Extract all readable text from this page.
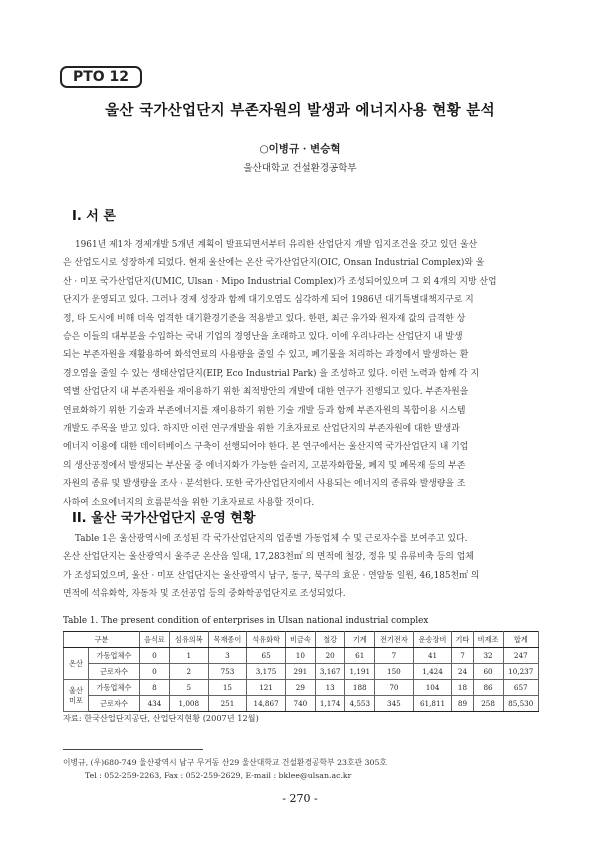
PTO 12
울산 국가산업단지 부존자원의 발생과 에너지사용 현황 분석
○이병규 · 변승혁
울산대학교 건설환경공학부
I. 서 론
1961년 제1차 경제개발 5개년 계획이 발표되면서부터 유리한 산업단지 개발 입지조건을 갖고 있던 울산
은 산업도시로 성장하게 되었다. 현재 울산에는 온산 국가산업단지(OIC, Onsan Industrial Complex)와 울
산 · 미포 국가산업단지(UMIC, Ulsan · Mipo Industrial Complex)가 조성되어있으며 그 외 4개의 지방 산업
단지가 운영되고 있다. 그러나 경제 성장과 함께 대기오염도 심각하게 되어 1986년 대기특별대책지구로 지
정, 타 도시에 비해 더욱 엄격한 대기환경기준을 적용받고 있다. 한편, 최근 유가와 원자재 값의 급격한 상
승은 이들의 대부분을 수입하는 국내 기업의 경영난을 초래하고 있다. 이에 우리나라는 산업단지 내 발생
되는 부존자원을 재활용하여 화석연료의 사용량을 줄일 수 있고, 폐기물을 처리하는 과정에서 발생하는 환
경오염을 줄일 수 있는 생태산업단지(EIP, Eco Industrial Park) 을 조성하고 있다. 이런 노력과 함께 각 지
역별 산업단지 내 부존자원을 재이용하기 위한 최적방안의 개발에 대한 연구가 진행되고 있다. 부존자원을
연료화하기 위한 기술과 부존에너지를 재이용하기 위한 기술 개발 등과 함께 부존자원의 복합이용 시스템
개발도 주목을 받고 있다. 하지만 이런 연구개발을 위한 기초자료로 산업단지의 부존자원에 대한 발생과
에너지 이용에 대한 데이터베이스 구축이 선행되어야 한다. 본 연구에서는 울산지역 국가산업단지 내 기업
의 생산공정에서 발생되는 부산물 중 에너지화가 가능한 슬러지, 고분자화합물, 폐지 및 폐목재 등의 부존
자원의 종류 및 발생량을 조사 · 분석한다. 또한 국가산업단지에서 사용되는 에너지의 종류와 발생량을 조
사하여 소요에너지의 흐름분석을 위한 기초자료로 사용할 것이다.
II. 울산 국가산업단지 운영 현황
Table 1은 울산광역시에 조성된 각 국가산업단지의 업종별 가동업체 수 및 근로자수를 보여주고 있다.
온산 산업단지는 울산광역시 울주군 온산읍 일대, 17,283천㎡ 의 면적에 철강, 정유 및 유류비축 등의 업체
가 조성되었으며, 울산 · 미포 산업단지는 울산광역시 남구, 동구, 북구의 효문 · 연암동 일원, 46,185천㎡ 의
면적에 석유화학, 자동차 및 조선공업 등의 중화학공업단지로 조성되었다.
Table 1. The present condition of enterprises in Ulsan national industrial complex
구분		음식료	섬유의복	목재종이	석유화학	비금속	철강	기계	전기전자	운송장비	기타	비제조	합계
온산	가동업체수	0	1	3	65	10	20	61	7	41	7	32	247
	근로자수	0	2	753	3,175	291	3,167	1,191	150	1,424	24	60	10,237
울산 미포	가동업체수	8	5	15	121	29	13	188	70	104	18	86	657
	근로자수	434	1,008	251	14,867	740	1,174	4,553	345	61,811	89	258	85,530
자료: 한국산업단지공단, 산업단지현황 (2007년 12월)
이병규, (우)680-749 울산광역시 남구 무거동 산29 울산대학교 건설환경공학부 23호관 305호
Tel : 052-259-2263, Fax : 052-259-2629, E-mail : bklee@ulsan.ac.kr
- 270 -
